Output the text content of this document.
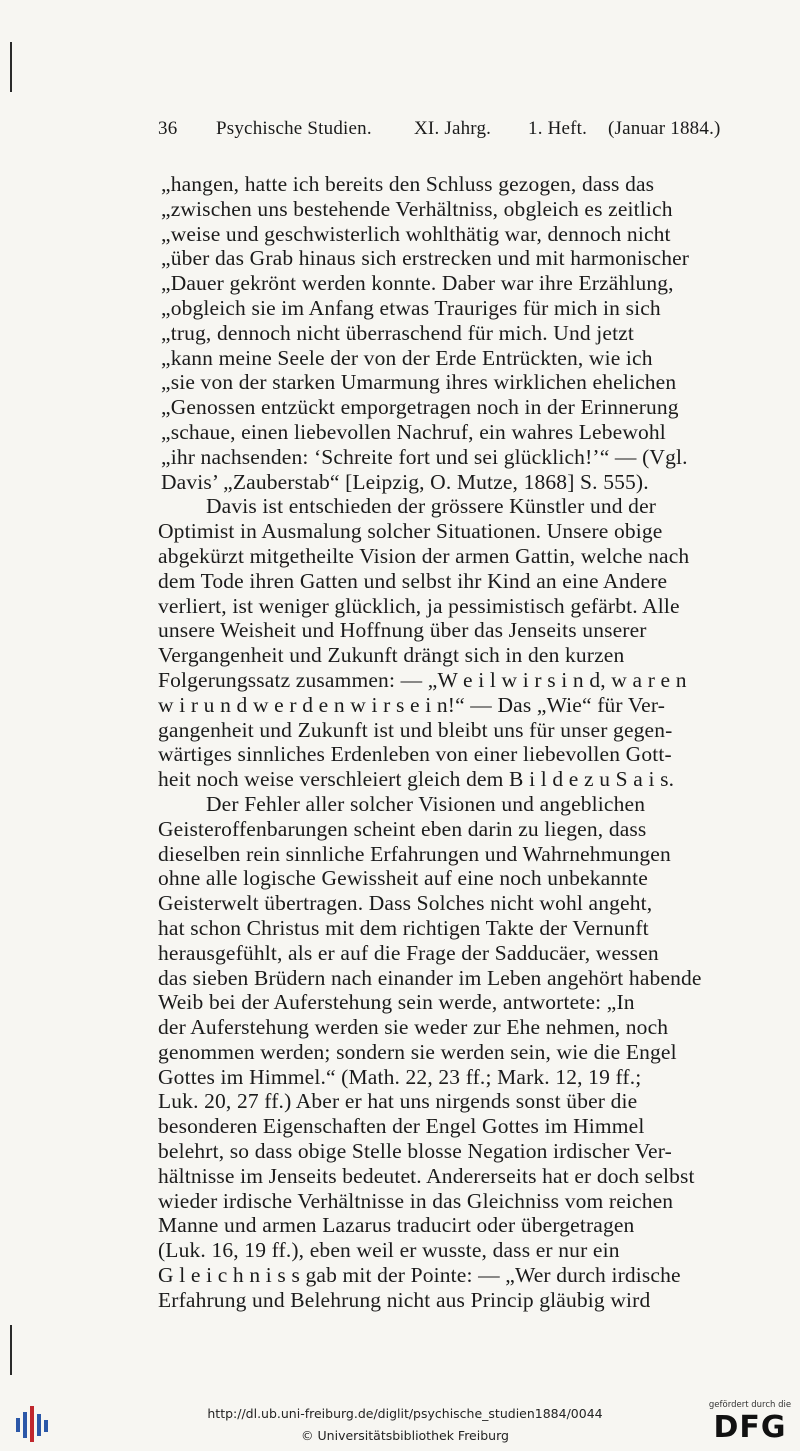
36 Psychische Studien. XI. Jahrg. 1. Heft. (Januar 1884.)
„hangen, hatte ich bereits den Schluss gezogen, dass das
„zwischen uns bestehende Verhältniss, obgleich es zeitlich
„weise und geschwisterlich wohlthätig war, dennoch nicht
„über das Grab hinaus sich erstrecken und mit harmonischer
„Dauer gekrönt werden konnte. Daber war ihre Erzählung,
„obgleich sie im Anfang etwas Trauriges für mich in sich
„trug, dennoch nicht überraschend für mich. Und jetzt
„kann meine Seele der von der Erde Entrückten, wie ich
„sie von der starken Umarmung ihres wirklichen ehelichen
„Genossen entzückt emporgetragen noch in der Erinnerung
„schaue, einen liebevollen Nachruf, ein wahres Lebewohl
„ihr nachsenden: ‘Schreite fort und sei glücklich!’“ — (Vgl.
Davis’ „Zauberstab“ [Leipzig, O. Mutze, 1868] S. 555).
Davis ist entschieden der grössere Künstler und der
Optimist in Ausmalung solcher Situationen. Unsere obige
abgekürzt mitgetheilte Vision der armen Gattin, welche nach
dem Tode ihren Gatten und selbst ihr Kind an eine Andere
verliert, ist weniger glücklich, ja pessimistisch gefärbt. Alle
unsere Weisheit und Hoffnung über das Jenseits unserer
Vergangenheit und Zukunft drängt sich in den kurzen
Folgerungssatz zusammen: — „W e i l w i r s i n d, w a r e n
w i r u n d w e r d e n w i r s e i n!“ — Das „Wie“ für Ver-
gangenheit und Zukunft ist und bleibt uns für unser gegen-
wärtiges sinnliches Erdenleben von einer liebevollen Gott-
heit noch weise verschleiert gleich dem B i l d e z u S a i s.
Der Fehler aller solcher Visionen und angeblichen
Geisteroffenbarungen scheint eben darin zu liegen, dass
dieselben rein sinnliche Erfahrungen und Wahrnehmungen
ohne alle logische Gewissheit auf eine noch unbekannte
Geisterwelt übertragen. Dass Solches nicht wohl angeht,
hat schon Christus mit dem richtigen Takte der Vernunft
herausgefühlt, als er auf die Frage der Sadducäer, wessen
das sieben Brüdern nach einander im Leben angehört habende
Weib bei der Auferstehung sein werde, antwortete: „In
der Auferstehung werden sie weder zur Ehe nehmen, noch
genommen werden; sondern sie werden sein, wie die Engel
Gottes im Himmel.“ (Math. 22, 23 ff.; Mark. 12, 19 ff.;
Luk. 20, 27 ff.) Aber er hat uns nirgends sonst über die
besonderen Eigenschaften der Engel Gottes im Himmel
belehrt, so dass obige Stelle blosse Negation irdischer Ver-
hältnisse im Jenseits bedeutet. Andererseits hat er doch selbst
wieder irdische Verhältnisse in das Gleichniss vom reichen
Manne und armen Lazarus traducirt oder übergetragen
(Luk. 16, 19 ff.), eben weil er wusste, dass er nur ein
G l e i c h n i s s gab mit der Pointe: — „Wer durch irdische
Erfahrung und Belehrung nicht aus Princip gläubig wird
http://dl.ub.uni-freiburg.de/diglit/psychische_studien1884/0044
© Universitätsbibliothek Freiburg
gefördert durch die
DFG
